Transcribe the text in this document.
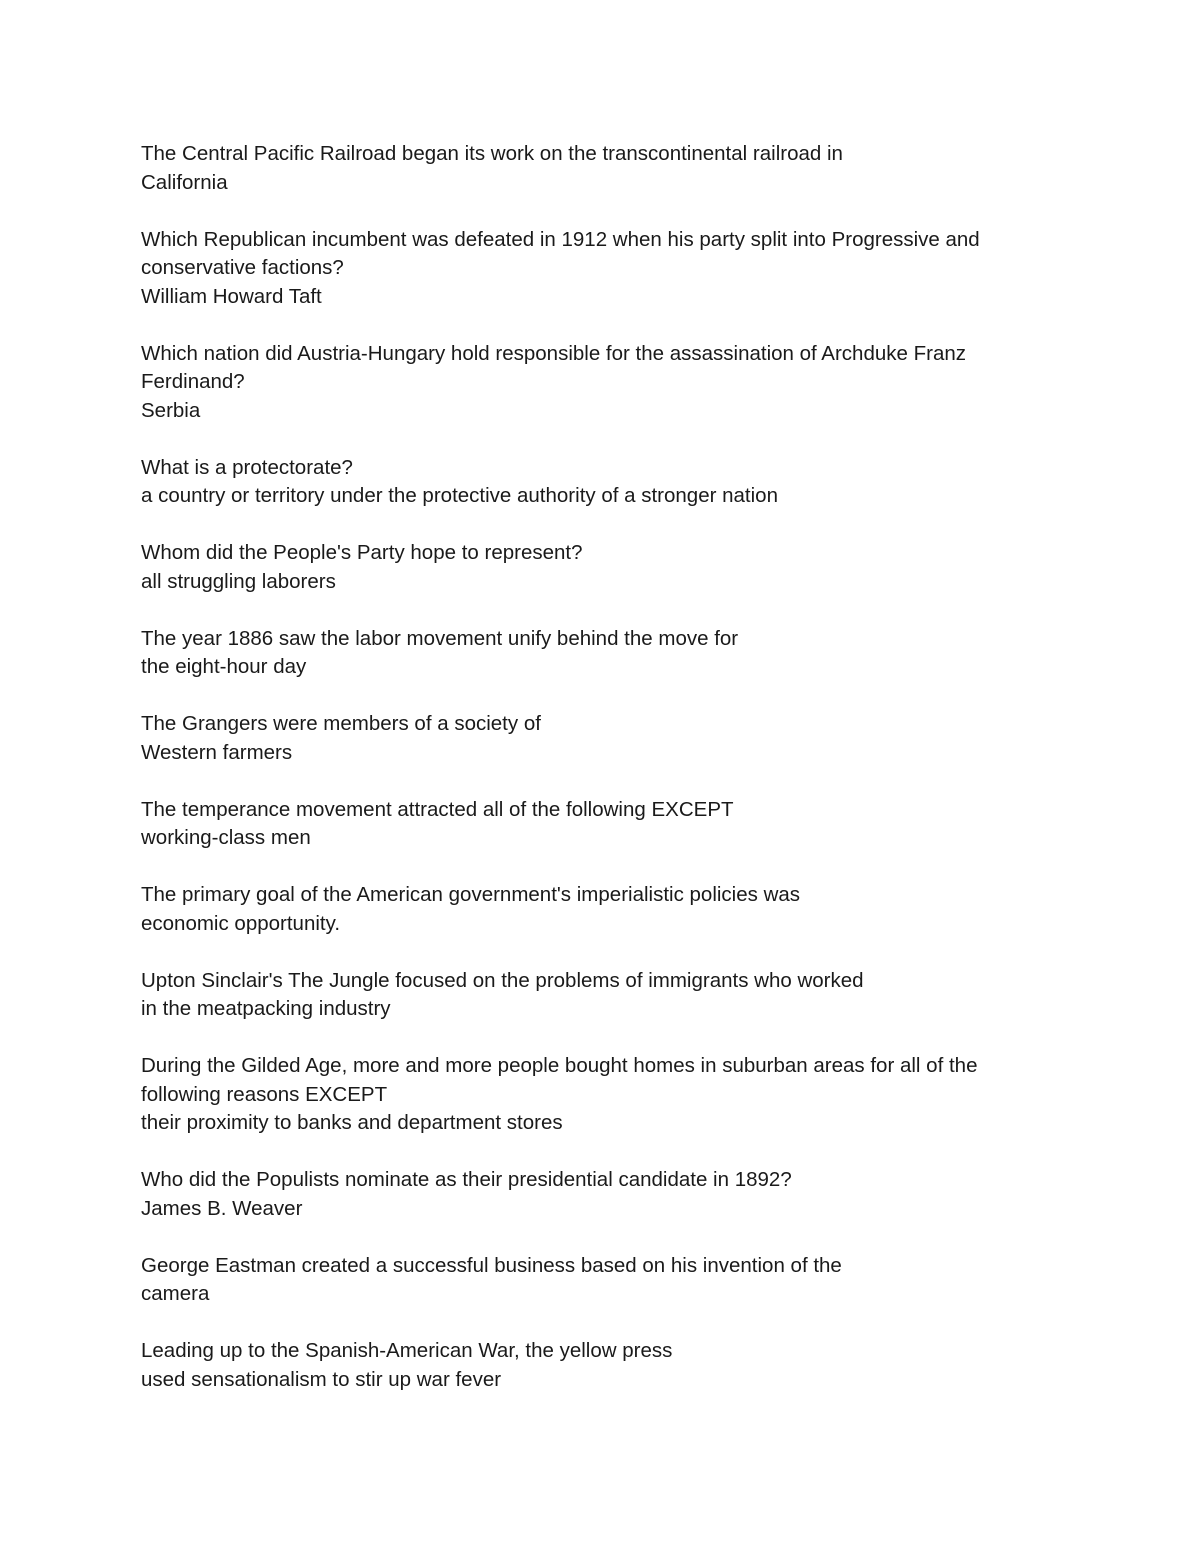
The Central Pacific Railroad began its work on the transcontinental railroad in

California

Which Republican incumbent was defeated in 1912 when his party split into Progressive and conservative factions?

William Howard Taft

Which nation did Austria-Hungary hold responsible for the assassination of Archduke Franz Ferdinand?

Serbia

What is a protectorate?

a country or territory under the protective authority of a stronger nation

Whom did the People's Party hope to represent?

all struggling laborers

The year 1886 saw the labor movement unify behind the move for

the eight-hour day

The Grangers were members of a society of

Western farmers

The temperance movement attracted all of the following EXCEPT

working-class men

The primary goal of the American government's imperialistic policies was

economic opportunity.

Upton Sinclair's The Jungle focused on the problems of immigrants who worked

in the meatpacking industry

During the Gilded Age, more and more people bought homes in suburban areas for all of the following reasons EXCEPT

their proximity to banks and department stores

Who did the Populists nominate as their presidential candidate in 1892?

James B. Weaver

George Eastman created a successful business based on his invention of the

camera

Leading up to the Spanish-American War, the yellow press

used sensationalism to stir up war fever
